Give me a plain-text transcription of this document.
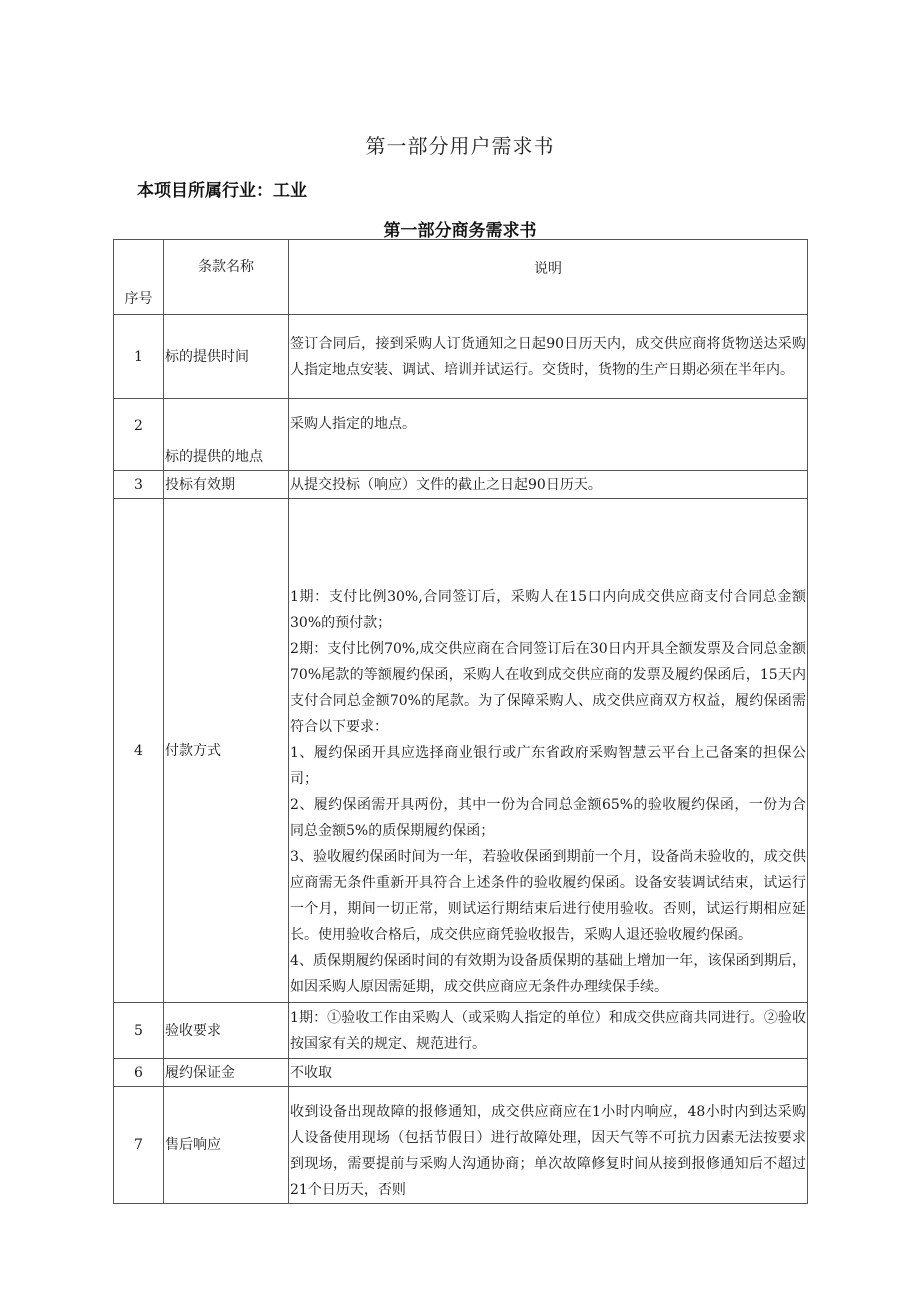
第一部分用户需求书
本项目所属行业：工业
第一部分商务需求书
序号	条款名称	说明
1	标的提供时间	签订合同后，接到采购人订货通知之日起90日历天内，成交供应商将货物送达采购人指定地点安装、调试、培训并试运行。交货时，货物的生产日期必须在半年内。

2	标的提供的地点	采购人指定的地点。

3	投标有效期	从提交投标（响应）文件的截止之日起90日历天。

4	付款方式	
1期：支付比例30%,合同签订后，采购人在15口内向成交供应商支付合同总金额30%的预付款；
2期：支付比例70%,成交供应商在合同签订后在30日内开具全额发票及合同总金额70%尾款的等额履约保函，采购人在收到成交供应商的发票及履约保函后，15天内支付合同总金额70%的尾款。为了保障采购人、成交供应商双方权益，履约保函需符合以下要求：
1、履约保函开具应选择商业银行或广东省政府采购智慧云平台上己备案的担保公司；
2、履约保函需开具两份，其中一份为合同总金额65%的验收履约保函，一份为合同总金额5%的质保期履约保函；
3、验收履约保函时间为一年，若验收保函到期前一个月，设备尚未验收的，成交供应商需无条件重新开具符合上述条件的验收履约保函。设备安装调试结束，试运行一个月，期间一切正常，则试运行期结束后进行使用验收。否则，试运行期相应延长。使用验收合格后，成交供应商凭验收报告，采购人退还验收履约保函。
4、质保期履约保函时间的有效期为设备质保期的基础上增加一年，该保函到期后，如因采购人原因需延期，成交供应商应无条件办理续保手续。

5	验收要求	1期：①验收工作由采购人（或采购人指定的单位）和成交供应商共同进行。②验收按国家有关的规定、规范进行。

6	履约保证金	不收取

7	售后响应	收到设备出现故障的报修通知，成交供应商应在1小时内响应，48小时内到达采购人设备使用现场（包括节假日）进行故障处理，因天气等不可抗力因素无法按要求到现场，需要提前与采购人沟通协商；单次故障修复时间从接到报修通知后不超过21个日历天，否则
